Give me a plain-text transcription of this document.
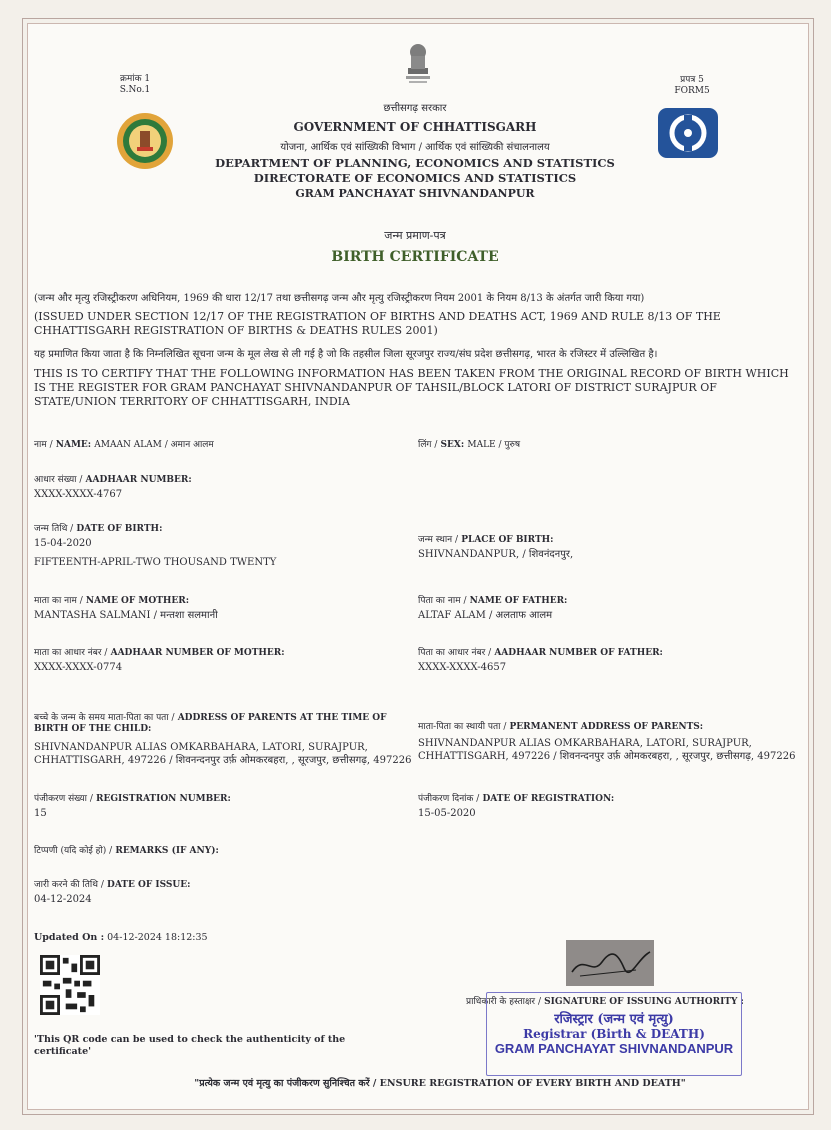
क्रमांक 1
S.No.1
प्रपत्र 5
FORM5
छत्तीसगढ़ सरकार
GOVERNMENT OF CHHATTISGARH
योजना, आर्थिक एवं सांख्यिकी विभाग / आर्थिक एवं सांख्यिकी संचालनालय
DEPARTMENT OF PLANNING, ECONOMICS AND STATISTICS
DIRECTORATE OF ECONOMICS AND STATISTICS
GRAM PANCHAYAT SHIVNANDANPUR
जन्म प्रमाण-पत्र
BIRTH CERTIFICATE
(जन्म और मृत्यु रजिस्ट्रीकरण अधिनियम, 1969 की धारा 12/17 तथा छत्तीसगढ़ जन्म और मृत्यु रजिस्ट्रीकरण नियम 2001 के नियम 8/13 के अंतर्गत जारी किया गया)
(ISSUED UNDER SECTION 12/17 OF THE REGISTRATION OF BIRTHS AND DEATHS ACT, 1969 AND RULE 8/13 OF THE CHHATTISGARH REGISTRATION OF BIRTHS & DEATHS RULES 2001)
यह प्रमाणित किया जाता है कि निम्नलिखित सूचना जन्म के मूल लेख से ली गई है जो कि तहसील जिला सूरजपुर राज्य/संघ प्रदेश छत्तीसगढ़, भारत के रजिस्टर में उल्लिखित है।
THIS IS TO CERTIFY THAT THE FOLLOWING INFORMATION HAS BEEN TAKEN FROM THE ORIGINAL RECORD OF BIRTH WHICH IS THE REGISTER FOR GRAM PANCHAYAT SHIVNANDANPUR OF TAHSIL/BLOCK LATORI OF DISTRICT SURAJPUR OF STATE/UNION TERRITORY OF CHHATTISGARH, INDIA
नाम / NAME: AMAAN ALAM / अमान आलम	लिंग / SEX: MALE / पुरुष
आधार संख्या / AADHAAR NUMBER:
XXXX-XXXX-4767
जन्म तिथि / DATE OF BIRTH:
15-04-2020
FIFTEENTH-APRIL-TWO THOUSAND TWENTY
जन्म स्थान / PLACE OF BIRTH:
SHIVNANDANPUR, / शिवनंदनपुर,
माता का नाम / NAME OF MOTHER:
MANTASHA SALMANI / मन्तशा सलमानी
पिता का नाम / NAME OF FATHER:
ALTAF ALAM / अलताफ आलम
माता का आधार नंबर / AADHAAR NUMBER OF MOTHER:
XXXX-XXXX-0774
पिता का आधार नंबर / AADHAAR NUMBER OF FATHER:
XXXX-XXXX-4657
बच्चे के जन्म के समय माता-पिता का पता / ADDRESS OF PARENTS AT THE TIME OF BIRTH OF THE CHILD:
SHIVNANDANPUR ALIAS OMKARBAHARA, LATORI, SURAJPUR, CHHATTISGARH, 497226 / शिवनन्दनपुर उर्फ़ ओमकरबहरा, , सूरजपुर, छत्तीसगढ़, 497226
माता-पिता का स्थायी पता / PERMANENT ADDRESS OF PARENTS:
SHIVNANDANPUR ALIAS OMKARBAHARA, LATORI, SURAJPUR, CHHATTISGARH, 497226 / शिवनन्दनपुर उर्फ़ ओमकरबहरा, , सूरजपुर, छत्तीसगढ़, 497226
पंजीकरण संख्या / REGISTRATION NUMBER:
15
पंजीकरण दिनांक / DATE OF REGISTRATION:
15-05-2020
टिप्पणी (यदि कोई हो) / REMARKS (IF ANY):
जारी करने की तिथि / DATE OF ISSUE:
04-12-2024
Updated On : 04-12-2024 18:12:35
'This QR code can be used to check the authenticity of the certificate'
प्राधिकारी के हस्ताक्षर / SIGNATURE OF ISSUING AUTHORITY :
रजिस्ट्रार (जन्म एवं मृत्यु)
Registrar (Birth & DEATH)
GRAM PANCHAYAT SHIVNANDANPUR
"प्रत्येक जन्म एवं मृत्यु का पंजीकरण सुनिश्चित करें / ENSURE REGISTRATION OF EVERY BIRTH AND DEATH"
